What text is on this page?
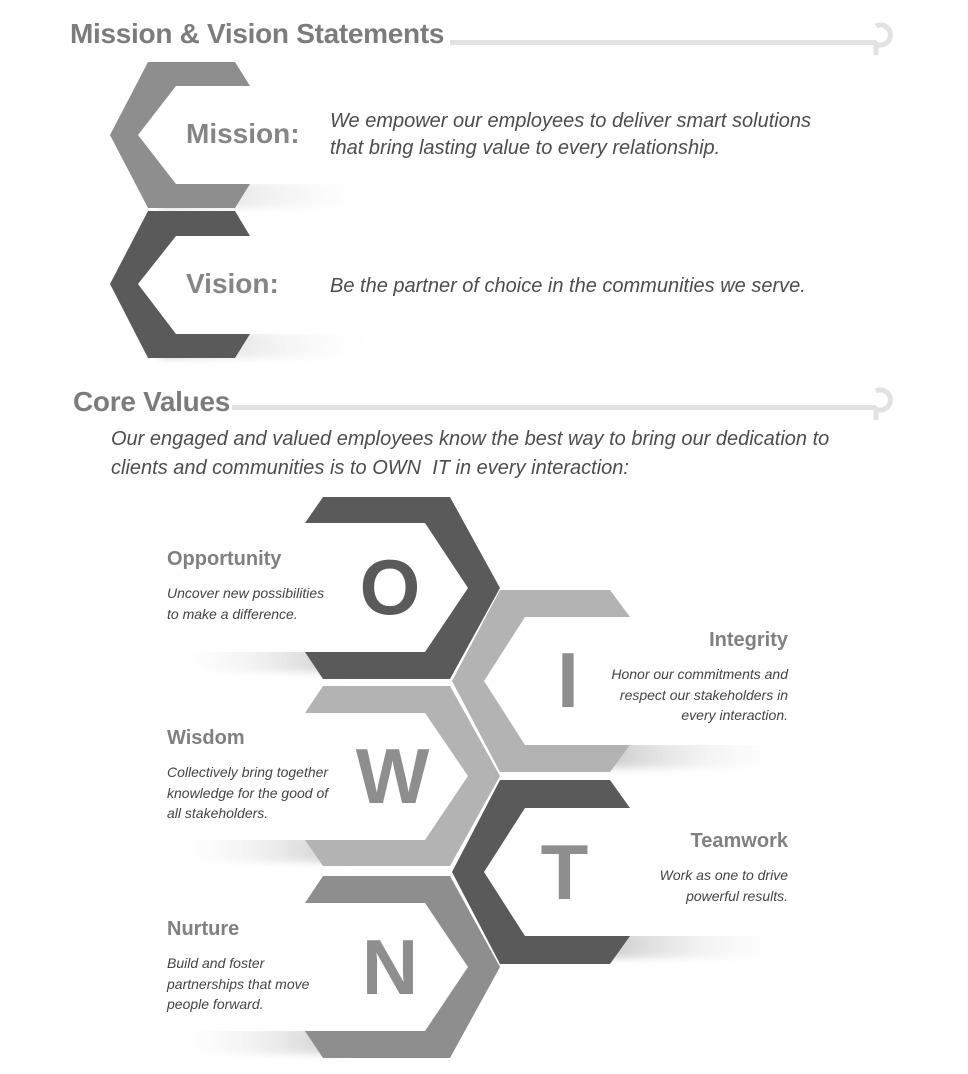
Mission & Vision Statements
Core Values
Mission: We empower our employees to deliver smart solutions
that bring lasting value to every relationship.
Vision:	Be the partner of choice in the communities we serve.
Our engaged and valued employees know the best way to bring our dedication to
clients and communities is to OWN  IT in every interaction:
Opportunity
Uncover new possibilities
to make a difference. O
Integrity
Honor our commitments and
respect our stakeholders in
every interaction.
I
Wisdom
Collectively bring together
knowledge for the good of
all stakeholders.	W
Teamwork
Work as one to drive
powerful results.
T
Nurture
Build and foster
partnerships that move
people forward.	N
